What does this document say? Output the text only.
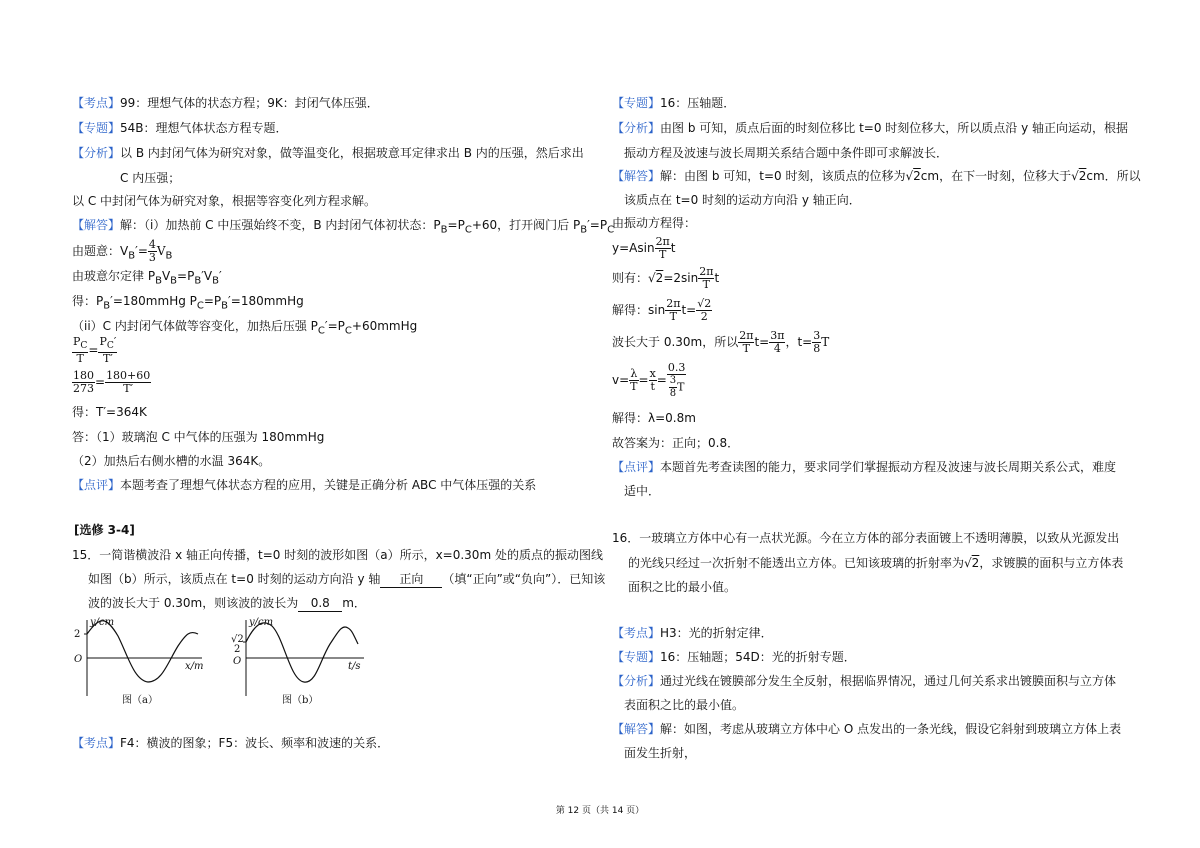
【考点】99：理想气体的状态方程；9K：封闭气体压强．
【专题】54B：理想气体状态方程专题．
【分析】以 B 内封闭气体为研究对象，做等温变化，根据玻意耳定律求出 B 内的压强，然后求出
C 内压强；
以 C 中封闭气体为研究对象，根据等容变化列方程求解。
【解答】解：（i）加热前 C 中压强始终不变，B 内封闭气体初状态：$P_B=P_C+60$，打开阀门后 $P_B'=P_C$
由题意：$V_B'= \frac{4}{3} V_B$
由玻意尔定律 $P_BV_B=P_B'V_B'$
得：$P_B'=180mmHg$ $P_C=P_B'=180mmHg$
（ii）C 内封闭气体做等容变化，加热后压强 $P_C'=P_C+60mmHg$
$\frac{P_C}{T} = \frac{P_C'}{T'}$
$\frac{180}{273} = \frac{180+60}{T'}$
得：T′=364K
答：（1）玻璃泡 C 中气体的压强为 180mmHg
（2）加热后右侧水槽的水温 364K。
【点评】本题考查了理想气体状态方程的应用，关键是正确分析 ABC 中气体压强的关系
[选修 3-4]
15．一简谐横波沿 x 轴正向传播，t=0 时刻的波形如图（a）所示，x=0.30m 处的质点的振动图线
如图（b）所示，该质点在 t=0 时刻的运动方向沿 y 轴 正向 （填“正向”或“负向”）．已知该
波的波长大于 0.30m，则该波的波长为 0.8 m．
2
y/cm
O
x/m
图（a）
√2
2
y/cm
O	t/s
图（b）
【考点】F4：横波的图象；F5：波长、频率和波速的关系．
【专题】16：压轴题．
【分析】由图 b 可知，质点后面的时刻位移比 t=0 时刻位移大，所以质点沿 y 轴正向运动，根据
振动方程及波速与波长周期关系结合题中条件即可求解波长．
【解答】解：由图 b 可知，t=0 时刻，该质点的位移为√2cm，在下一时刻，位移大于√2cm．所以
该质点在 t=0 时刻的运动方向沿 y 轴正向．
由振动方程得：
$y=Asin \frac{2\pi}{T}$ t
则有：$√2=2\sin \frac{2\pi}{T}$ t
解得：$\sin \frac{2\pi}{T} t= \frac{√2}{2}$
波长大于 0.30m，所以 $\frac{2\pi}{T} t= \frac{3\pi}{4}$ ，$t= \frac{3}{8}$ T
$v= \frac{\lambda}{T} = \frac{x}{t} = \frac{0.3}{\frac{3}{8} T}$
解得：λ=0.8m
故答案为：正向；0.8．
【点评】本题首先考查读图的能力，要求同学们掌握振动方程及波速与波长周期关系公式，难度
适中．
16．一玻璃立方体中心有一点状光源。今在立方体的部分表面镀上不透明薄膜，以致从光源发出
的光线只经过一次折射不能透出立方体。已知该玻璃的折射率为√2，求镀膜的面积与立方体表
面积之比的最小值。
【考点】H3：光的折射定律．
【专题】16：压轴题；54D：光的折射专题．
【分析】通过光线在镀膜部分发生全反射，根据临界情况，通过几何关系求出镀膜面积与立方体
表面积之比的最小值。
【解答】解：如图，考虑从玻璃立方体中心 O 点发出的一条光线，假设它斜射到玻璃立方体上表
面发生折射，
第 12 页（共 14 页）
